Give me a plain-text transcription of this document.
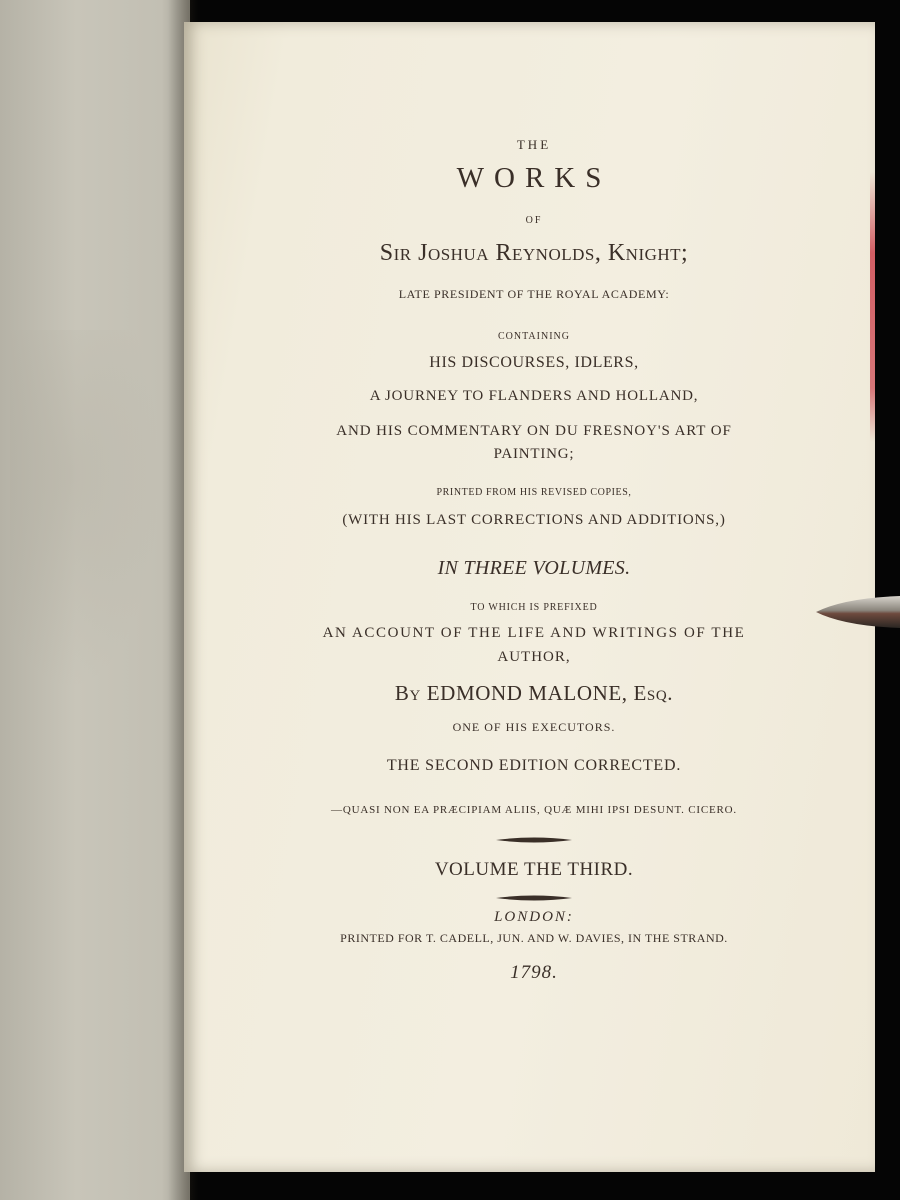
THE
WORKS
OF
Sir Joshua Reynolds, Knight;
LATE PRESIDENT OF THE ROYAL ACADEMY:
CONTAINING
HIS DISCOURSES, IDLERS,
A JOURNEY TO FLANDERS AND HOLLAND,
AND HIS COMMENTARY ON DU FRESNOY'S ART OF
PAINTING;
PRINTED FROM HIS REVISED COPIES,
(WITH HIS LAST CORRECTIONS AND ADDITIONS,)
IN THREE VOLUMES.
TO WHICH IS PREFIXED
AN ACCOUNT OF THE LIFE AND WRITINGS OF THE
AUTHOR,
By EDMOND MALONE, Esq.
ONE OF HIS EXECUTORS.
THE SECOND EDITION CORRECTED.
—QUASI NON EA PRÆCIPIAM ALIIS, QUÆ MIHI IPSI DESUNT. CICERO.
VOLUME THE THIRD.
LONDON:
PRINTED FOR T. CADELL, JUN. AND W. DAVIES, IN THE STRAND.
1798.
